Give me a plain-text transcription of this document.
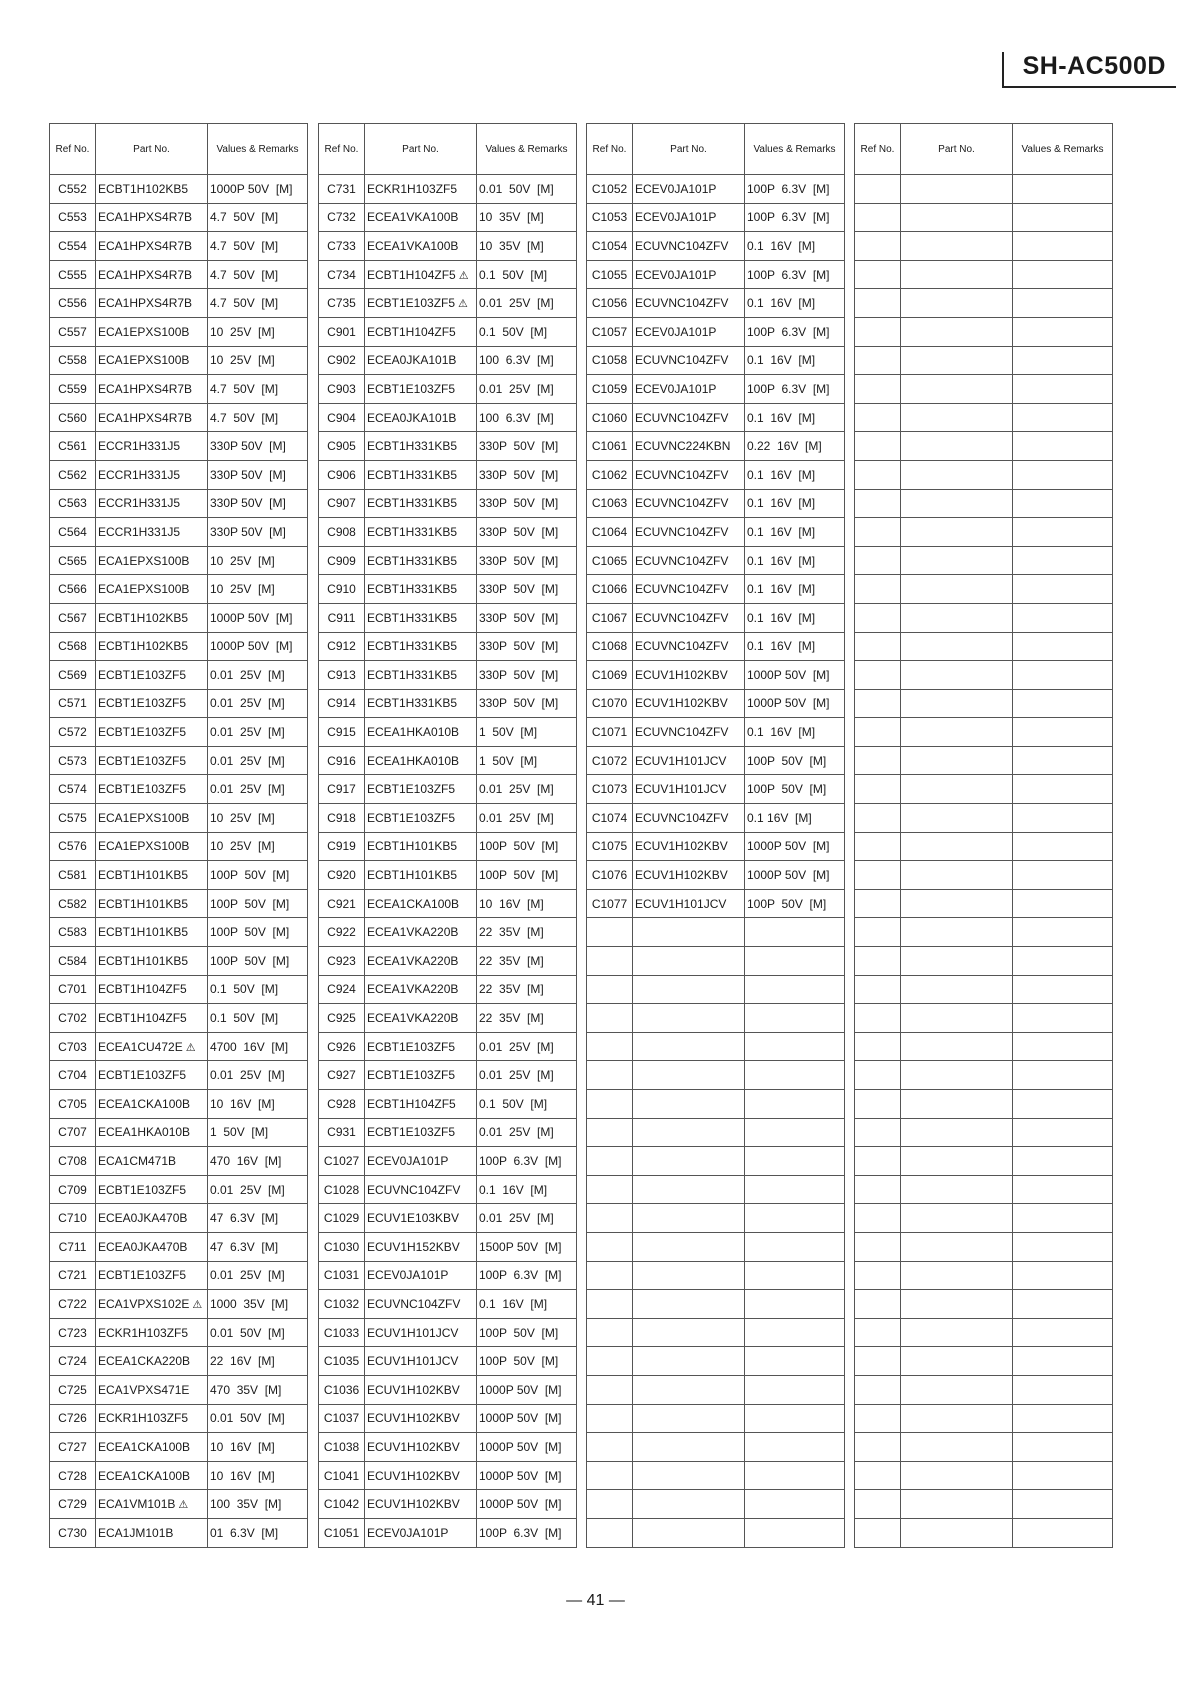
SH-AC500D
Ref No.	Part No.	Values & Remarks
C552	ECBT1H102KB5	1000P 50V  [M]
C553	ECA1HPXS4R7B	4.7  50V  [M]
C554	ECA1HPXS4R7B	4.7  50V  [M]
C555	ECA1HPXS4R7B	4.7  50V  [M]
C556	ECA1HPXS4R7B	4.7  50V  [M]
C557	ECA1EPXS100B	10  25V  [M]
C558	ECA1EPXS100B	10  25V  [M]
C559	ECA1HPXS4R7B	4.7  50V  [M]
C560	ECA1HPXS4R7B	4.7  50V  [M]
C561	ECCR1H331J5	330P 50V  [M]
C562	ECCR1H331J5	330P 50V  [M]
C563	ECCR1H331J5	330P 50V  [M]
C564	ECCR1H331J5	330P 50V  [M]
C565	ECA1EPXS100B	10  25V  [M]
C566	ECA1EPXS100B	10  25V  [M]
C567	ECBT1H102KB5	1000P 50V  [M]
C568	ECBT1H102KB5	1000P 50V  [M]
C569	ECBT1E103ZF5	0.01  25V  [M]
C571	ECBT1E103ZF5	0.01  25V  [M]
C572	ECBT1E103ZF5	0.01  25V  [M]
C573	ECBT1E103ZF5	0.01  25V  [M]
C574	ECBT1E103ZF5	0.01  25V  [M]
C575	ECA1EPXS100B	10  25V  [M]
C576	ECA1EPXS100B	10  25V  [M]
C581	ECBT1H101KB5	100P  50V  [M]
C582	ECBT1H101KB5	100P  50V  [M]
C583	ECBT1H101KB5	100P  50V  [M]
C584	ECBT1H101KB5	100P  50V  [M]
C701	ECBT1H104ZF5	0.1  50V  [M]
C702	ECBT1H104ZF5	0.1  50V  [M]
C703	ECEA1CU472E ⚠	4700  16V  [M]
C704	ECBT1E103ZF5	0.01  25V  [M]
C705	ECEA1CKA100B	10  16V  [M]
C707	ECEA1HKA010B	1  50V  [M]
C708	ECA1CM471B	470  16V  [M]
C709	ECBT1E103ZF5	0.01  25V  [M]
C710	ECEA0JKA470B	47  6.3V  [M]
C711	ECEA0JKA470B	47  6.3V  [M]
C721	ECBT1E103ZF5	0.01  25V  [M]
C722	ECA1VPXS102E ⚠	1000  35V  [M]
C723	ECKR1H103ZF5	0.01  50V  [M]
C724	ECEA1CKA220B	22  16V  [M]
C725	ECA1VPXS471E	470  35V  [M]
C726	ECKR1H103ZF5	0.01  50V  [M]
C727	ECEA1CKA100B	10  16V  [M]
C728	ECEA1CKA100B	10  16V  [M]
C729	ECA1VM101B ⚠	100  35V  [M]
C730	ECA1JM101B	01  6.3V  [M]
Ref No.	Part No.	Values & Remarks
C731	ECKR1H103ZF5	0.01  50V  [M]
C732	ECEA1VKA100B	10  35V  [M]
C733	ECEA1VKA100B	10  35V  [M]
C734	ECBT1H104ZF5 ⚠	0.1  50V  [M]
C735	ECBT1E103ZF5 ⚠	0.01  25V  [M]
C901	ECBT1H104ZF5	0.1  50V  [M]
C902	ECEA0JKA101B	100  6.3V  [M]
C903	ECBT1E103ZF5	0.01  25V  [M]
C904	ECEA0JKA101B	100  6.3V  [M]
C905	ECBT1H331KB5	330P  50V  [M]
C906	ECBT1H331KB5	330P  50V  [M]
C907	ECBT1H331KB5	330P  50V  [M]
C908	ECBT1H331KB5	330P  50V  [M]
C909	ECBT1H331KB5	330P  50V  [M]
C910	ECBT1H331KB5	330P  50V  [M]
C911	ECBT1H331KB5	330P  50V  [M]
C912	ECBT1H331KB5	330P  50V  [M]
C913	ECBT1H331KB5	330P  50V  [M]
C914	ECBT1H331KB5	330P  50V  [M]
C915	ECEA1HKA010B	1  50V  [M]
C916	ECEA1HKA010B	1  50V  [M]
C917	ECBT1E103ZF5	0.01  25V  [M]
C918	ECBT1E103ZF5	0.01  25V  [M]
C919	ECBT1H101KB5	100P  50V  [M]
C920	ECBT1H101KB5	100P  50V  [M]
C921	ECEA1CKA100B	10  16V  [M]
C922	ECEA1VKA220B	22  35V  [M]
C923	ECEA1VKA220B	22  35V  [M]
C924	ECEA1VKA220B	22  35V  [M]
C925	ECEA1VKA220B	22  35V  [M]
C926	ECBT1E103ZF5	0.01  25V  [M]
C927	ECBT1E103ZF5	0.01  25V  [M]
C928	ECBT1H104ZF5	0.1  50V  [M]
C931	ECBT1E103ZF5	0.01  25V  [M]
C1027	ECEV0JA101P	100P  6.3V  [M]
C1028	ECUVNC104ZFV	0.1  16V  [M]
C1029	ECUV1E103KBV	0.01  25V  [M]
C1030	ECUV1H152KBV	1500P 50V  [M]
C1031	ECEV0JA101P	100P  6.3V  [M]
C1032	ECUVNC104ZFV	0.1  16V  [M]
C1033	ECUV1H101JCV	100P  50V  [M]
C1035	ECUV1H101JCV	100P  50V  [M]
C1036	ECUV1H102KBV	1000P 50V  [M]
C1037	ECUV1H102KBV	1000P 50V  [M]
C1038	ECUV1H102KBV	1000P 50V  [M]
C1041	ECUV1H102KBV	1000P 50V  [M]
C1042	ECUV1H102KBV	1000P 50V  [M]
C1051	ECEV0JA101P	100P  6.3V  [M]
Ref No.	Part No.	Values & Remarks
C1052	ECEV0JA101P	100P  6.3V  [M]
C1053	ECEV0JA101P	100P  6.3V  [M]
C1054	ECUVNC104ZFV	0.1  16V  [M]
C1055	ECEV0JA101P	100P  6.3V  [M]
C1056	ECUVNC104ZFV	0.1  16V  [M]
C1057	ECEV0JA101P	100P  6.3V  [M]
C1058	ECUVNC104ZFV	0.1  16V  [M]
C1059	ECEV0JA101P	100P  6.3V  [M]
C1060	ECUVNC104ZFV	0.1  16V  [M]
C1061	ECUVNC224KBN	0.22  16V  [M]
C1062	ECUVNC104ZFV	0.1  16V  [M]
C1063	ECUVNC104ZFV	0.1  16V  [M]
C1064	ECUVNC104ZFV	0.1  16V  [M]
C1065	ECUVNC104ZFV	0.1  16V  [M]
C1066	ECUVNC104ZFV	0.1  16V  [M]
C1067	ECUVNC104ZFV	0.1  16V  [M]
C1068	ECUVNC104ZFV	0.1  16V  [M]
C1069	ECUV1H102KBV	1000P 50V  [M]
C1070	ECUV1H102KBV	1000P 50V  [M]
C1071	ECUVNC104ZFV	0.1  16V  [M]
C1072	ECUV1H101JCV	100P  50V  [M]
C1073	ECUV1H101JCV	100P  50V  [M]
C1074	ECUVNC104ZFV	0.1 16V  [M]
C1075	ECUV1H102KBV	1000P 50V  [M]
C1076	ECUV1H102KBV	1000P 50V  [M]
C1077	ECUV1H101JCV	100P  50V  [M]

Ref No.	Part No.	Values & Remarks

— 41 —
